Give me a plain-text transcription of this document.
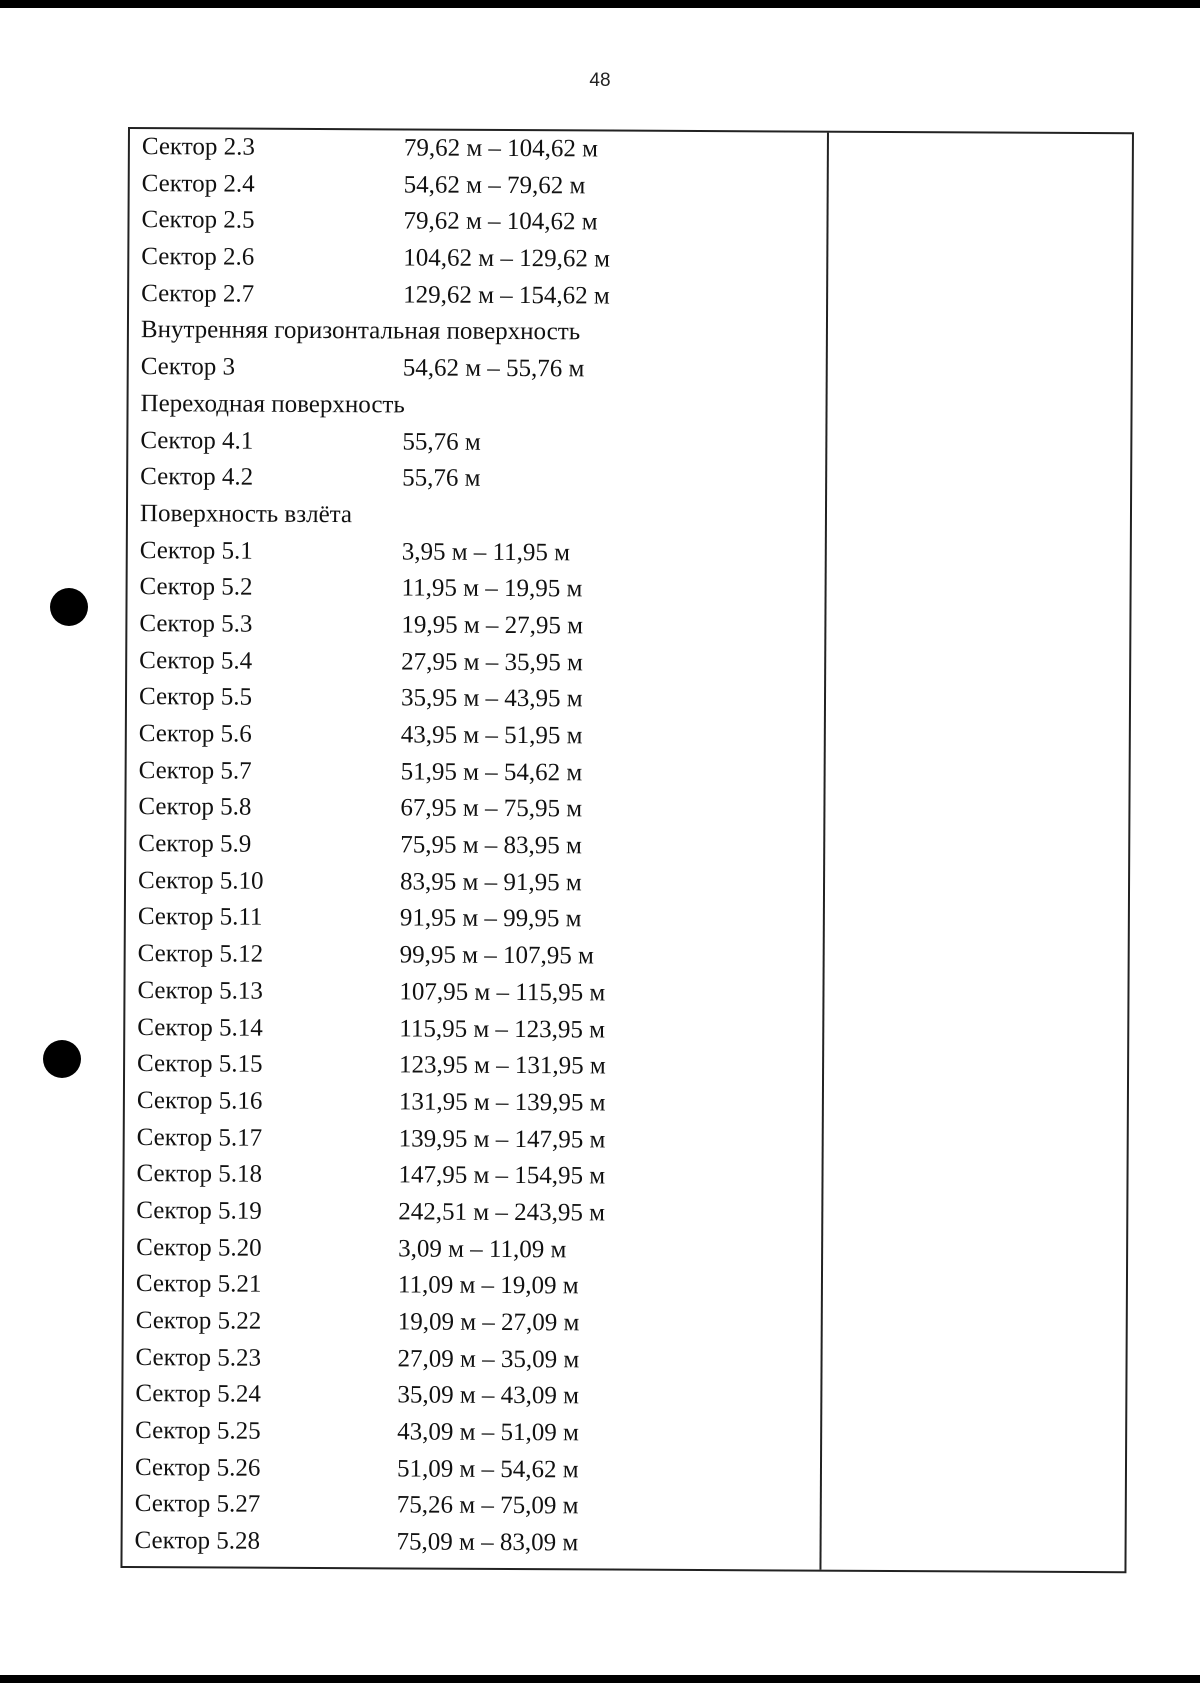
48
Сектор 2.3	79,62 м – 104,62 м
Сектор 2.4	54,62 м – 79,62 м
Сектор 2.5	79,62 м – 104,62 м
Сектор 2.6	104,62 м – 129,62 м
Сектор 2.7	129,62 м – 154,62 м
Внутренняя горизонтальная поверхность
Сектор 3	54,62 м – 55,76 м
Переходная поверхность
Сектор 4.1	55,76 м
Сектор 4.2	55,76 м
Поверхность взлёта
Сектор 5.1	3,95 м – 11,95 м
Сектор 5.2	11,95 м – 19,95 м
Сектор 5.3	19,95 м – 27,95 м
Сектор 5.4	27,95 м – 35,95 м
Сектор 5.5	35,95 м – 43,95 м
Сектор 5.6	43,95 м – 51,95 м
Сектор 5.7	51,95 м – 54,62 м
Сектор 5.8	67,95 м – 75,95 м
Сектор 5.9	75,95 м – 83,95 м
Сектор 5.10	83,95 м – 91,95 м
Сектор 5.11	91,95 м – 99,95 м
Сектор 5.12	99,95 м – 107,95 м
Сектор 5.13	107,95 м – 115,95 м
Сектор 5.14	115,95 м – 123,95 м
Сектор 5.15	123,95 м – 131,95 м
Сектор 5.16	131,95 м – 139,95 м
Сектор 5.17	139,95 м – 147,95 м
Сектор 5.18	147,95 м – 154,95 м
Сектор 5.19	242,51 м – 243,95 м
Сектор 5.20	3,09 м – 11,09 м
Сектор 5.21	11,09 м – 19,09 м
Сектор 5.22	19,09 м – 27,09 м
Сектор 5.23	27,09 м – 35,09 м
Сектор 5.24	35,09 м – 43,09 м
Сектор 5.25	43,09 м – 51,09 м
Сектор 5.26	51,09 м – 54,62 м
Сектор 5.27	75,26 м – 75,09 м
Сектор 5.28	75,09 м – 83,09 м
